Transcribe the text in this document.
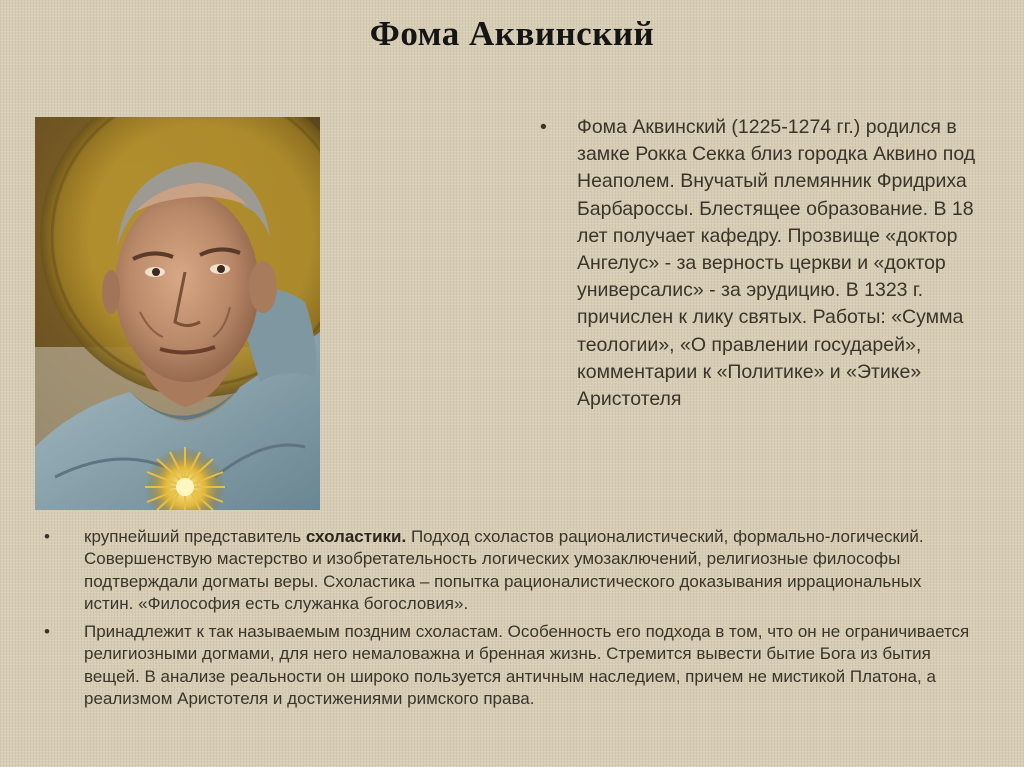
Фома Аквинский
• Фома Аквинский (1225-1274 гг.) родился в замке Рокка Секка близ городка Аквино под Неаполем. Внучатый племянник Фридриха Барбароссы. Блестящее образование. В 18 лет получает кафедру. Прозвище «доктор Ангелус» - за верность церкви и «доктор универсалис» - за эрудицию. В 1323 г. причислен к лику святых. Работы: «Сумма теологии», «О правлении государей», комментарии к «Политике» и «Этике» Аристотеля
• крупнейший представитель схоластики. Подход схоластов рационалистический, формально-логический. Совершенствую мастерство и изобретательность логических умозаключений, религиозные философы подтверждали догматы веры. Схоластика – попытка рационалистического доказывания иррациональных истин. «Философия есть служанка богословия».
• Принадлежит к так называемым поздним схоластам. Особенность его подхода в том, что он не ограничивается религиозными догмами, для него немаловажна и бренная жизнь. Стремится вывести бытие Бога из бытия вещей. В анализе реальности он широко пользуется античным наследием, причем не мистикой Платона, а реализмом Аристотеля и достижениями римского права.
